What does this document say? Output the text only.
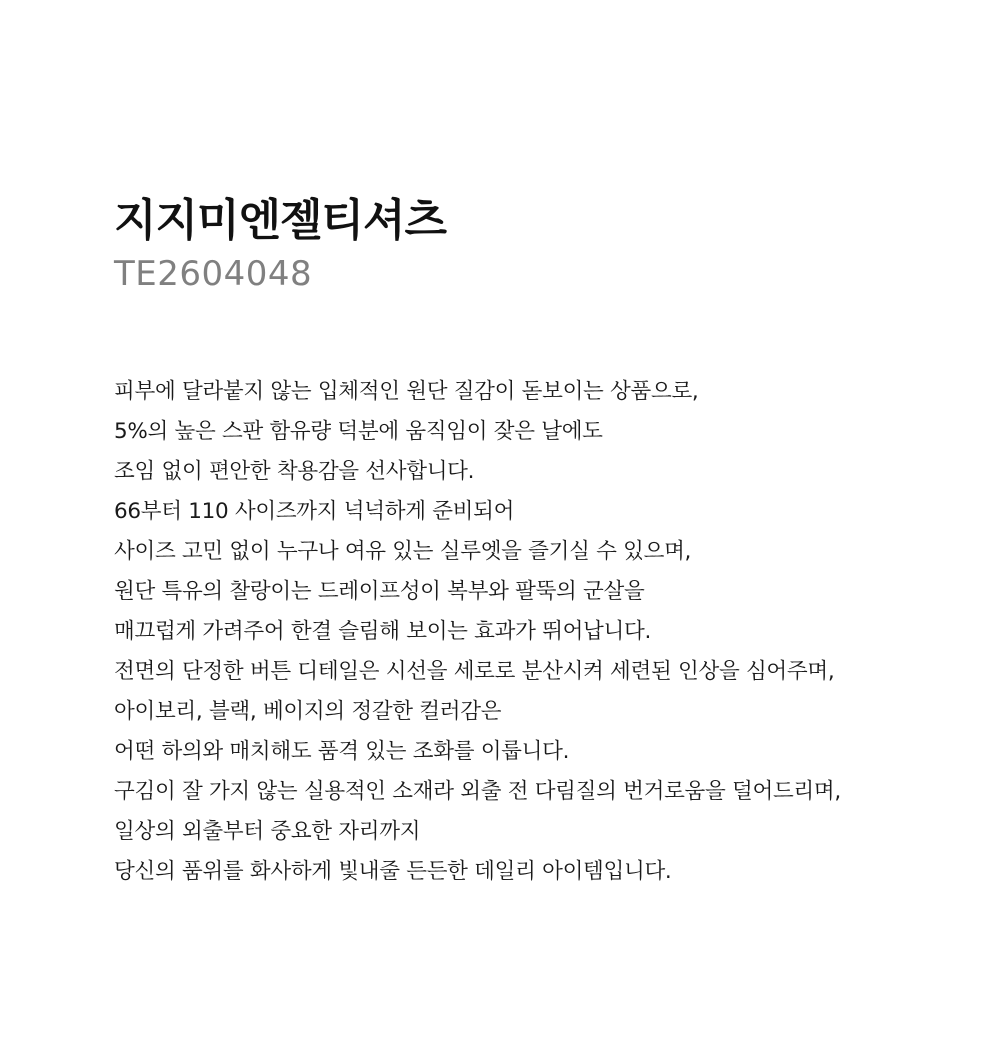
지지미엔젤티셔츠
TE2604048
피부에 달라붙지 않는 입체적인 원단 질감이 돋보이는 상품으로,
5%의 높은 스판 함유량 덕분에 움직임이 잦은 날에도
조임 없이 편안한 착용감을 선사합니다.
66부터 110 사이즈까지 넉넉하게 준비되어
사이즈 고민 없이 누구나 여유 있는 실루엣을 즐기실 수 있으며,
원단 특유의 찰랑이는 드레이프성이 복부와 팔뚝의 군살을
매끄럽게 가려주어 한결 슬림해 보이는 효과가 뛰어납니다.
전면의 단정한 버튼 디테일은 시선을 세로로 분산시켜 세련된 인상을 심어주며,
아이보리, 블랙, 베이지의 정갈한 컬러감은
어떤 하의와 매치해도 품격 있는 조화를 이룹니다.
구김이 잘 가지 않는 실용적인 소재라 외출 전 다림질의 번거로움을 덜어드리며,
일상의 외출부터 중요한 자리까지
당신의 품위를 화사하게 빛내줄 든든한 데일리 아이템입니다.
